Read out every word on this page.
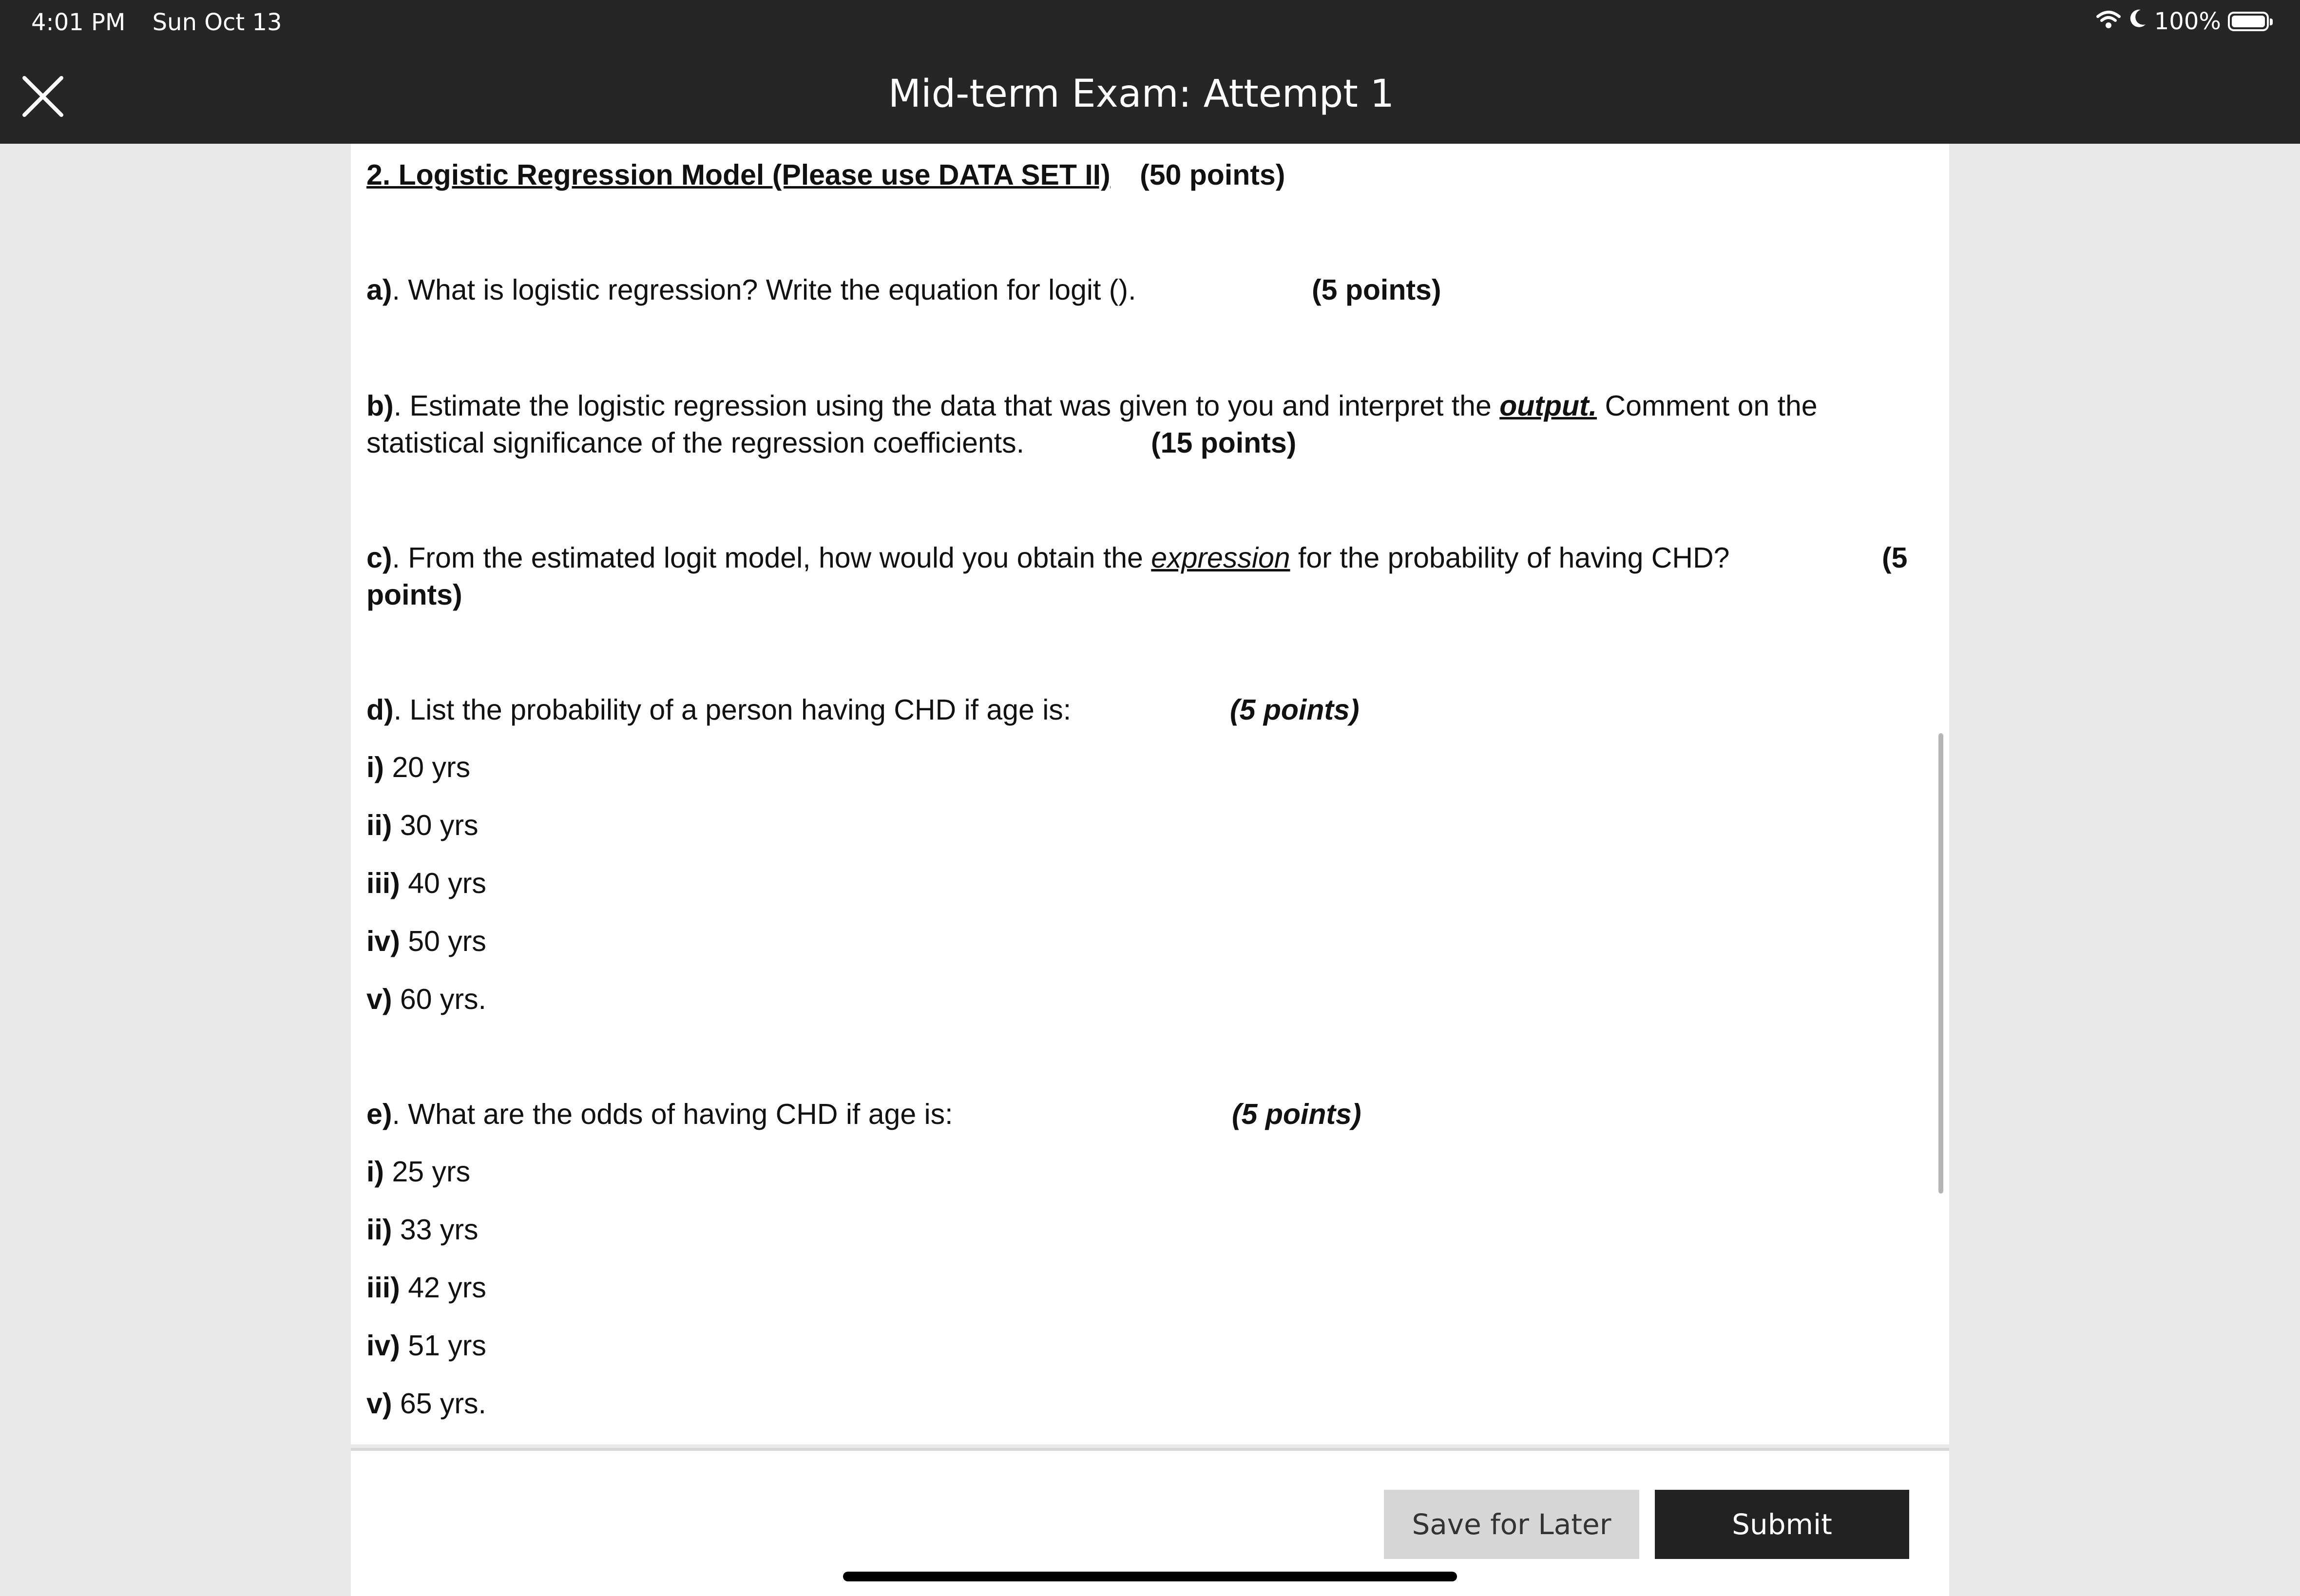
4:01 PM Sun Oct 13	100%
Mid-term Exam: Attempt 1
2. Logistic Regression Model (Please use DATA SET II) (50 points)
a). What is logistic regression? Write the equation for logit ().	(5 points)
b). Estimate the logistic regression using the data that was given to you and interpret the output. Comment on the
statistical significance of the regression coefficients.	(15 points)
c). From the estimated logit model, how would you obtain the expression for the probability of having CHD?	(5
points)
d). List the probability of a person having CHD if age is:	(5 points)
i) 20 yrs
ii) 30 yrs
iii) 40 yrs
iv) 50 yrs
v) 60 yrs.
e). What are the odds of having CHD if age is:	(5 points)
i) 25 yrs
ii) 33 yrs
iii) 42 yrs
iv) 51 yrs
v) 65 yrs.
Save for Later	Submit
